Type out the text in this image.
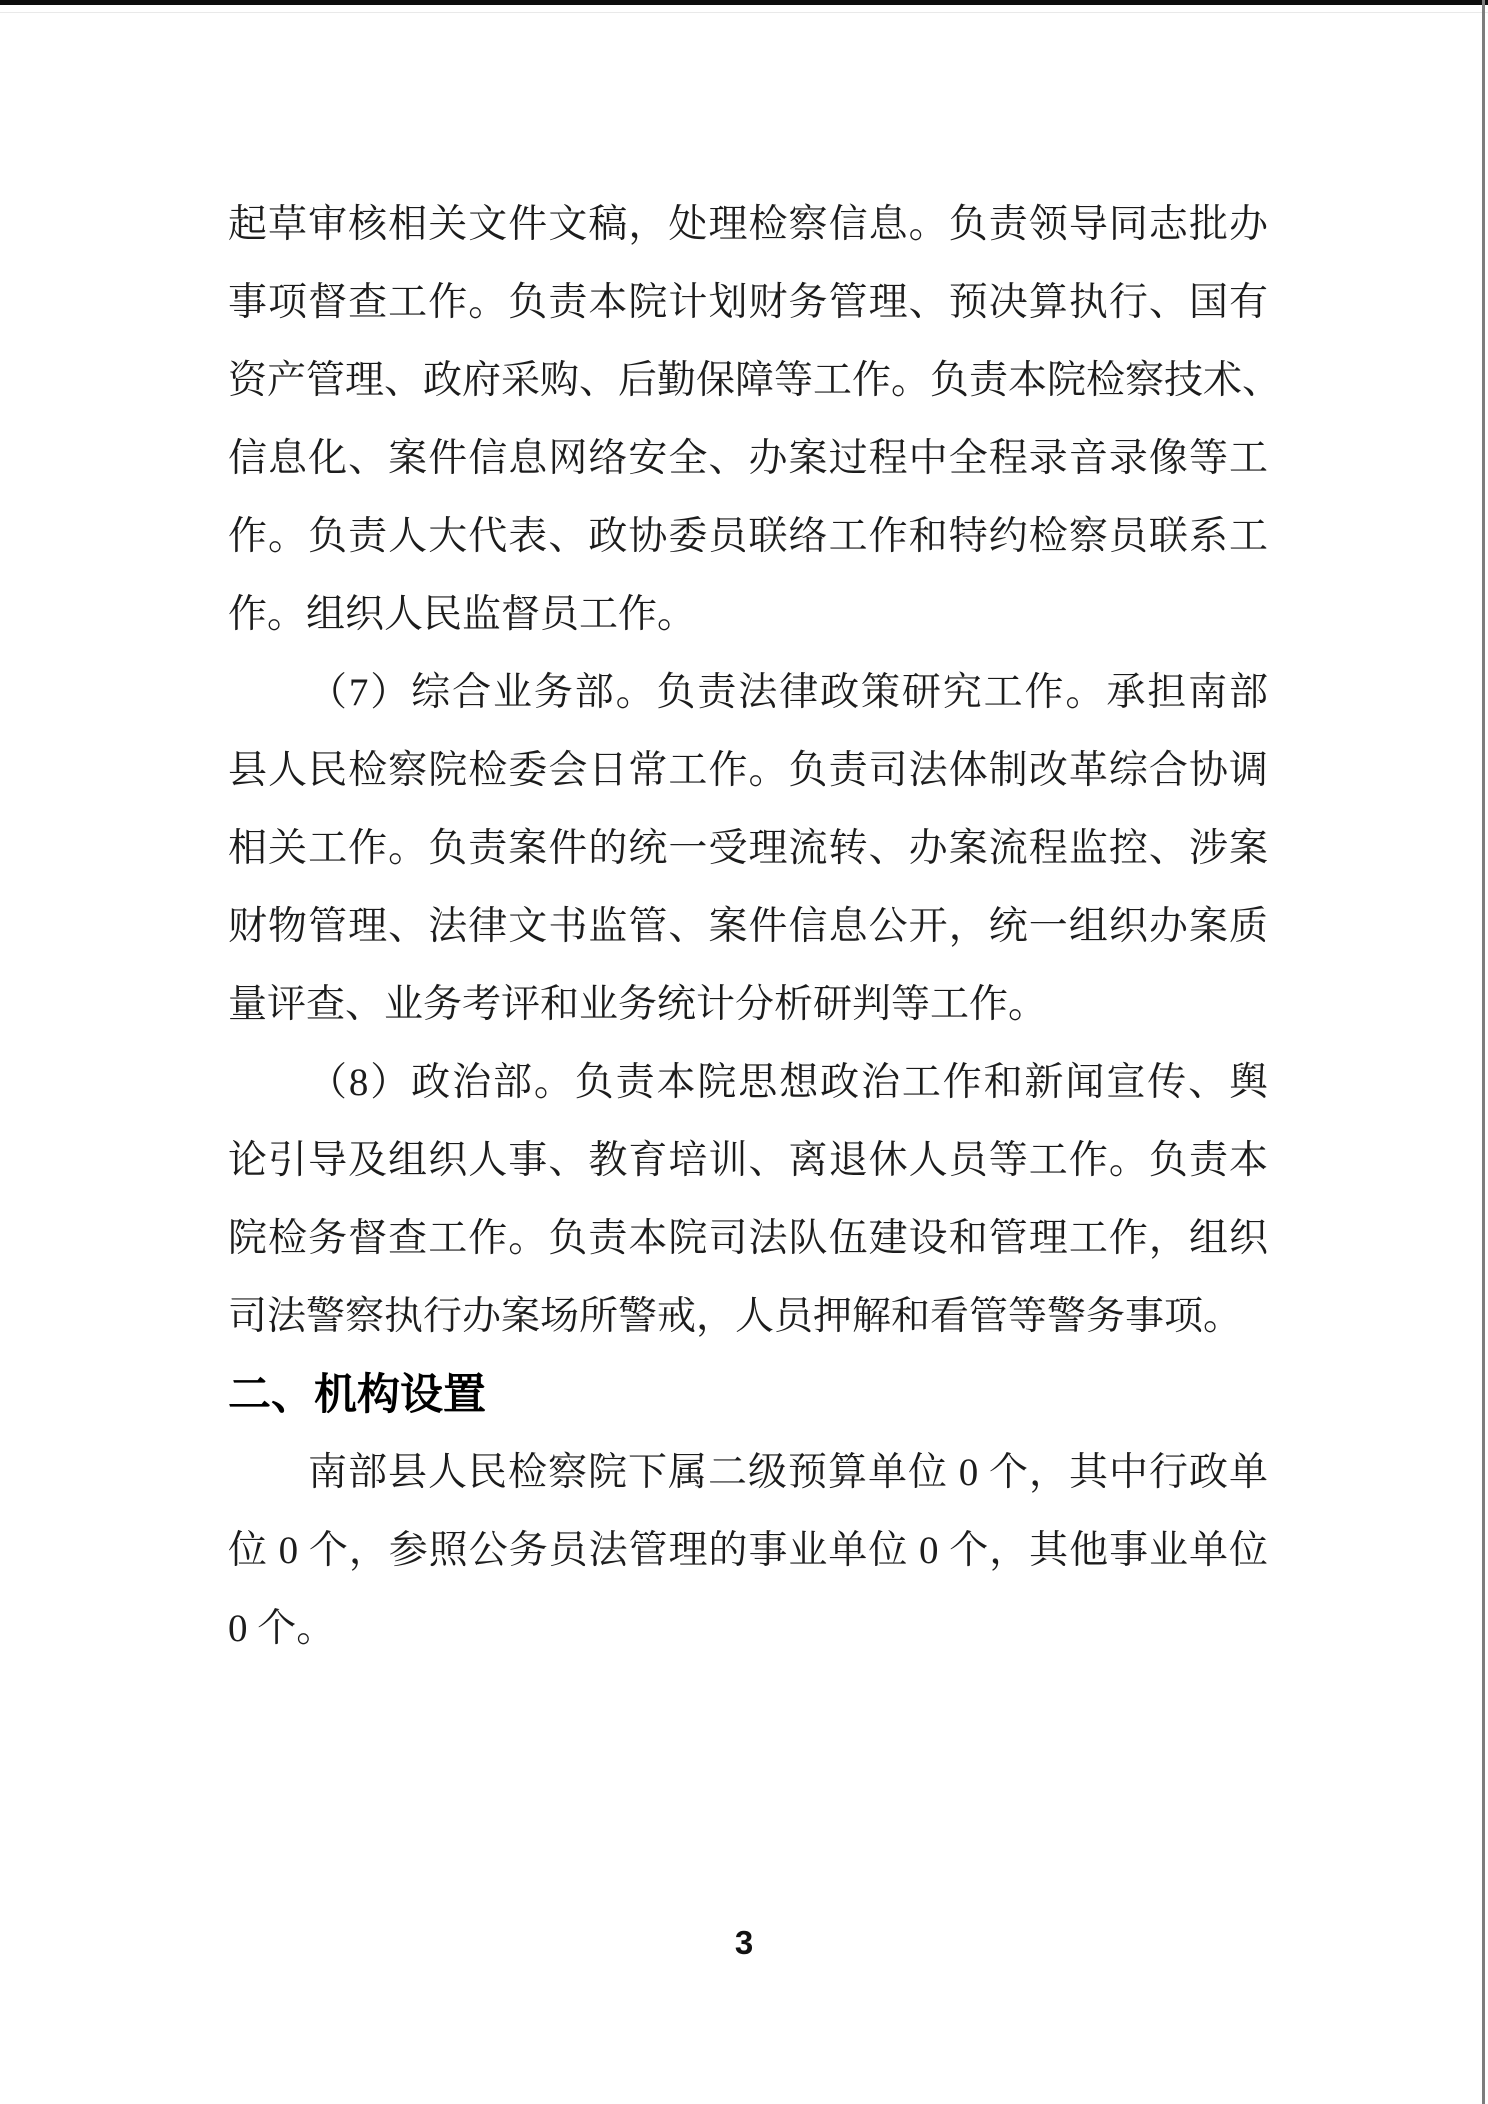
起草审核相关文件文稿，处理检察信息。负责领导同志批办
事项督查工作。负责本院计划财务管理、预决算执行、国有
资产管理、政府采购、后勤保障等工作。负责本院检察技术、
信息化、案件信息网络安全、办案过程中全程录音录像等工
作。负责人大代表、政协委员联络工作和特约检察员联系工
作。组织人民监督员工作。
（7）综合业务部。负责法律政策研究工作。承担南部
县人民检察院检委会日常工作。负责司法体制改革综合协调
相关工作。负责案件的统一受理流转、办案流程监控、涉案
财物管理、法律文书监管、案件信息公开，统一组织办案质
量评查、业务考评和业务统计分析研判等工作。
（8）政治部。负责本院思想政治工作和新闻宣传、舆
论引导及组织人事、教育培训、离退休人员等工作。负责本
院检务督查工作。负责本院司法队伍建设和管理工作，组织
司法警察执行办案场所警戒，人员押解和看管等警务事项。
二、机构设置
南部县人民检察院下属二级预算单位 0 个，其中行政单
位 0 个，参照公务员法管理的事业单位 0 个，其他事业单位
0 个。
3
